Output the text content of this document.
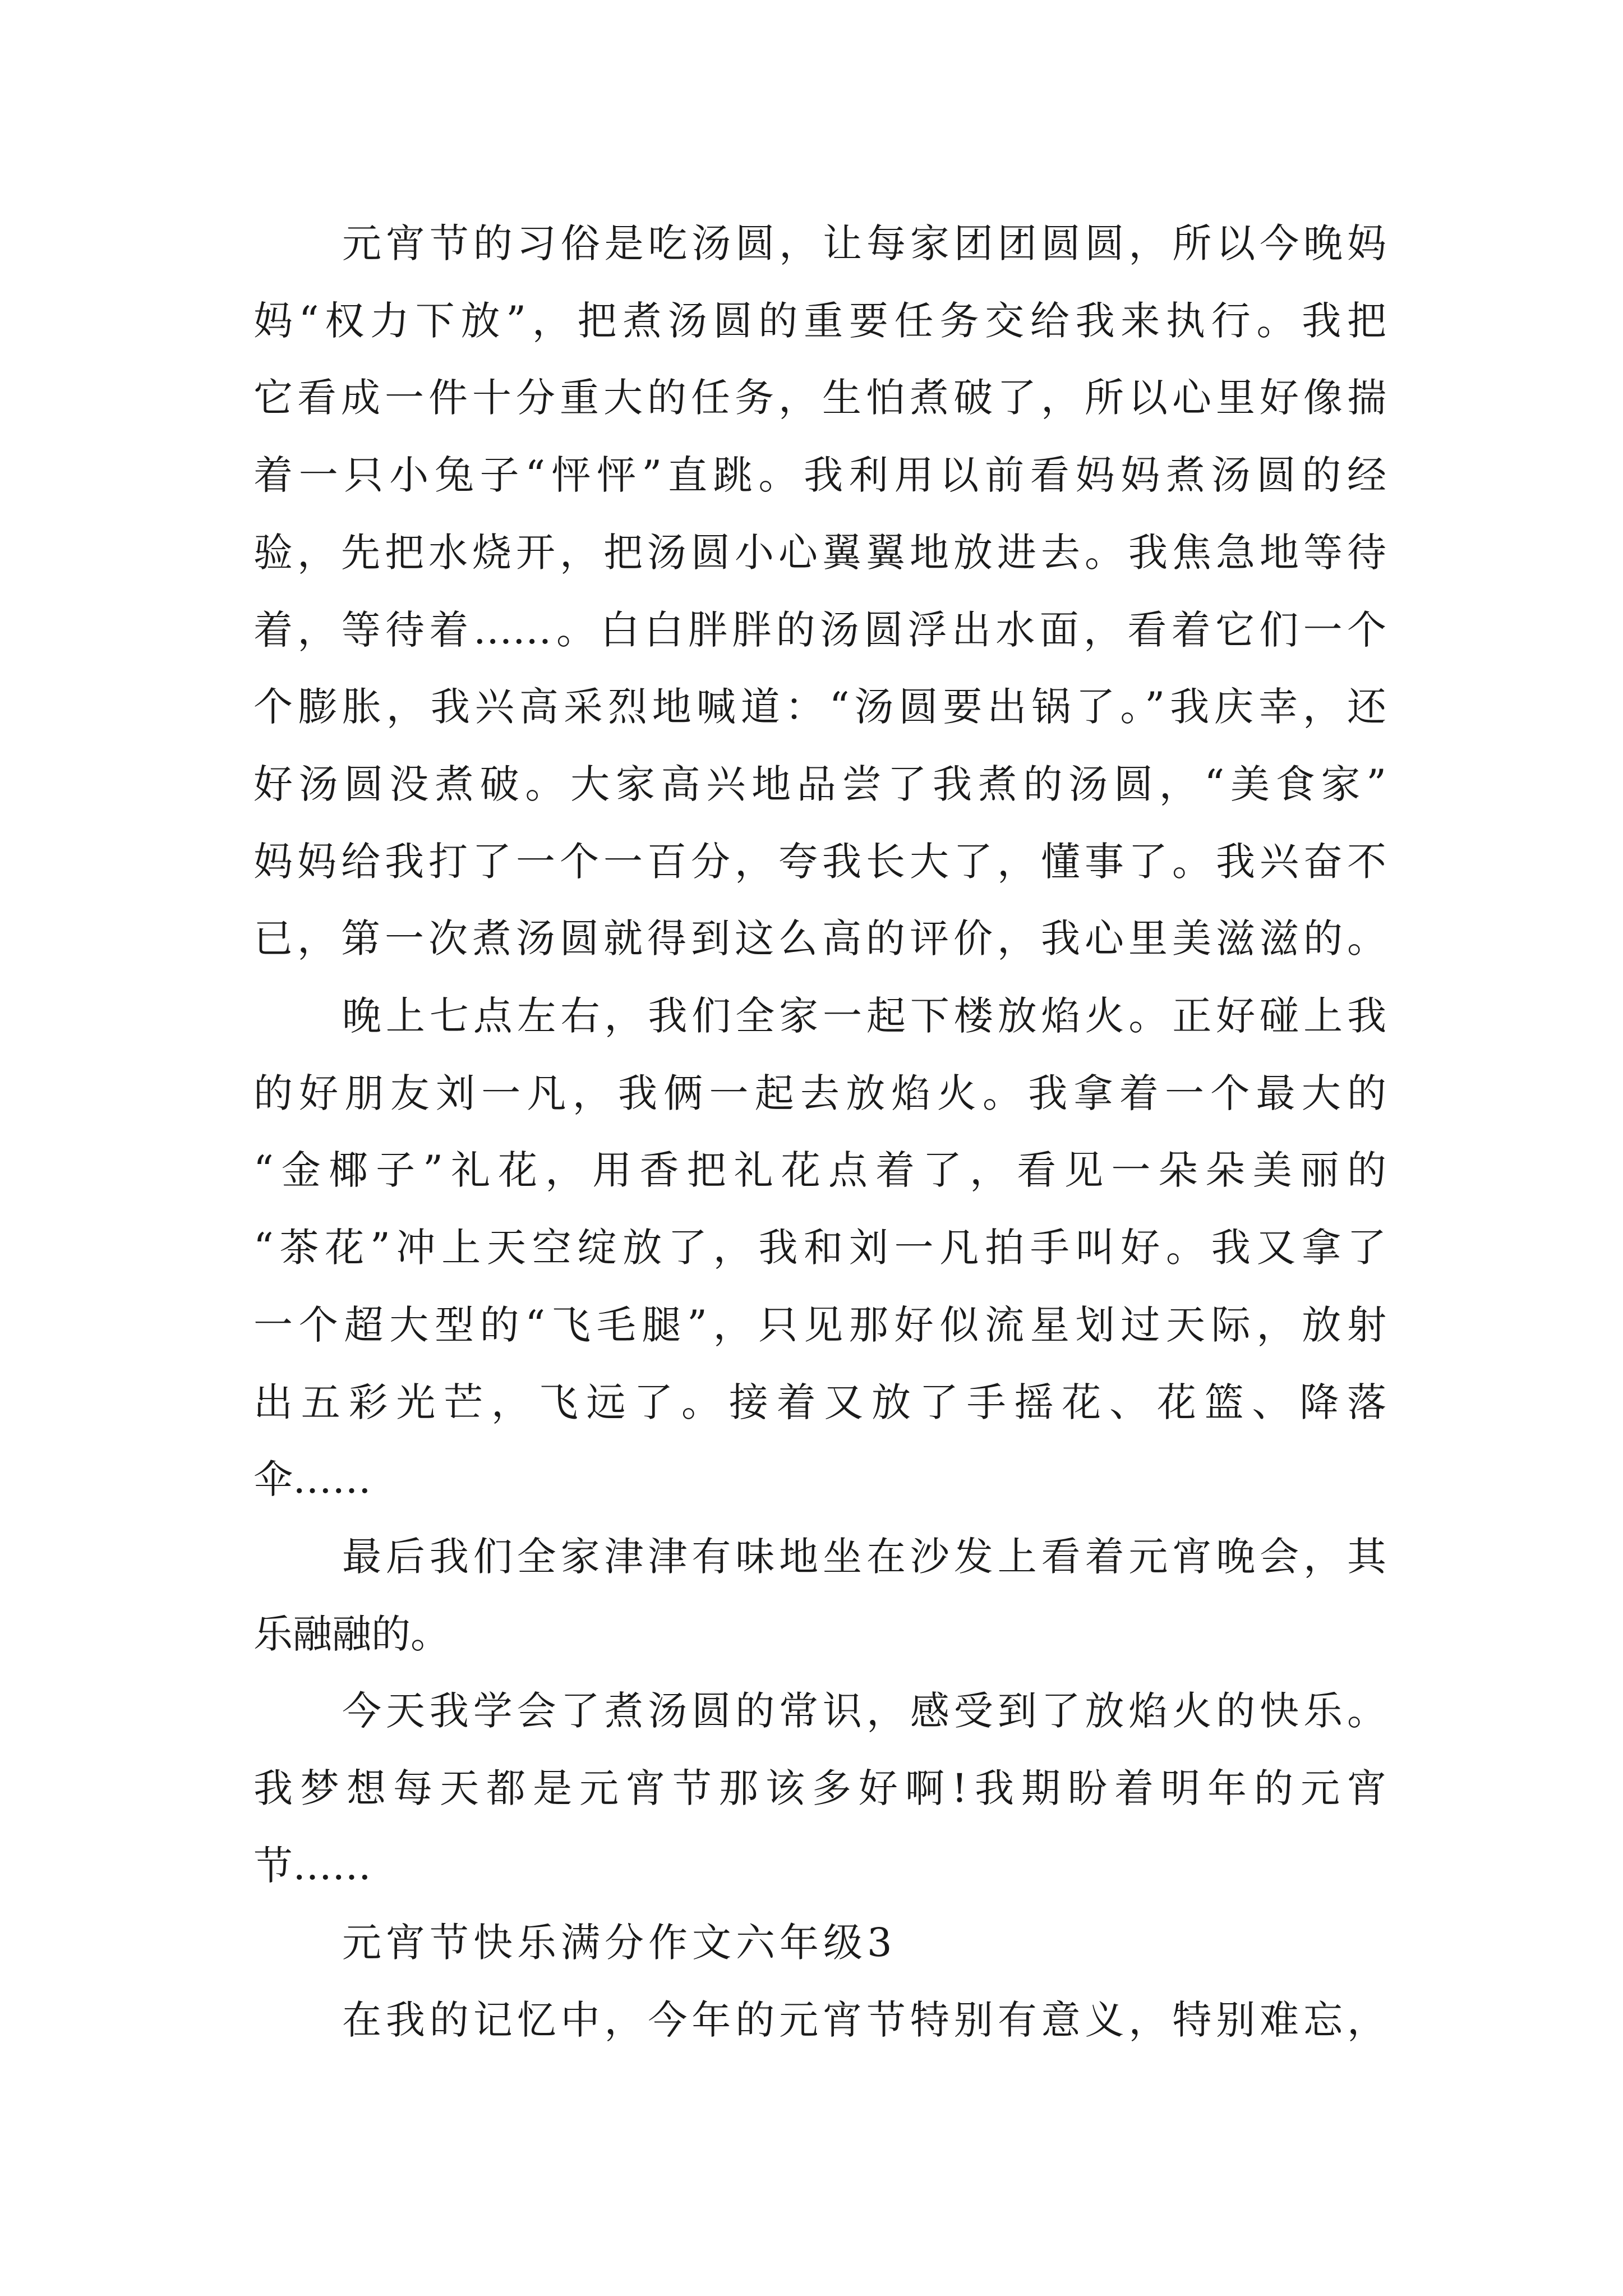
元宵节的习俗是吃汤圆，让每家团团圆圆，所以今晚妈
妈“权力下放”，把煮汤圆的重要任务交给我来执行。我把
它看成一件十分重大的任务，生怕煮破了，所以心里好像揣
着一只小兔子“怦怦”直跳。我利用以前看妈妈煮汤圆的经
验，先把水烧开，把汤圆小心翼翼地放进去。我焦急地等待
着，等待着……。白白胖胖的汤圆浮出水面，看着它们一个
个膨胀，我兴高采烈地喊道：“汤圆要出锅了。”我庆幸，还
好汤圆没煮破。大家高兴地品尝了我煮的汤圆，“美食家”
妈妈给我打了一个一百分，夸我长大了，懂事了。我兴奋不
已，第一次煮汤圆就得到这么高的评价，我心里美滋滋的。
晚上七点左右，我们全家一起下楼放焰火。正好碰上我
的好朋友刘一凡，我俩一起去放焰火。我拿着一个最大的
“金椰子”礼花，用香把礼花点着了，看见一朵朵美丽的
“茶花”冲上天空绽放了，我和刘一凡拍手叫好。我又拿了
一个超大型的“飞毛腿”，只见那好似流星划过天际，放射
出五彩光芒，飞远了。接着又放了手摇花、花篮、降落
伞……
最后我们全家津津有味地坐在沙发上看着元宵晚会，其
乐融融的。
今天我学会了煮汤圆的常识，感受到了放焰火的快乐。
我梦想每天都是元宵节那该多好啊!我期盼着明年的元宵
节……
元宵节快乐满分作文六年级3
在我的记忆中，今年的元宵节特别有意义，特别难忘，
